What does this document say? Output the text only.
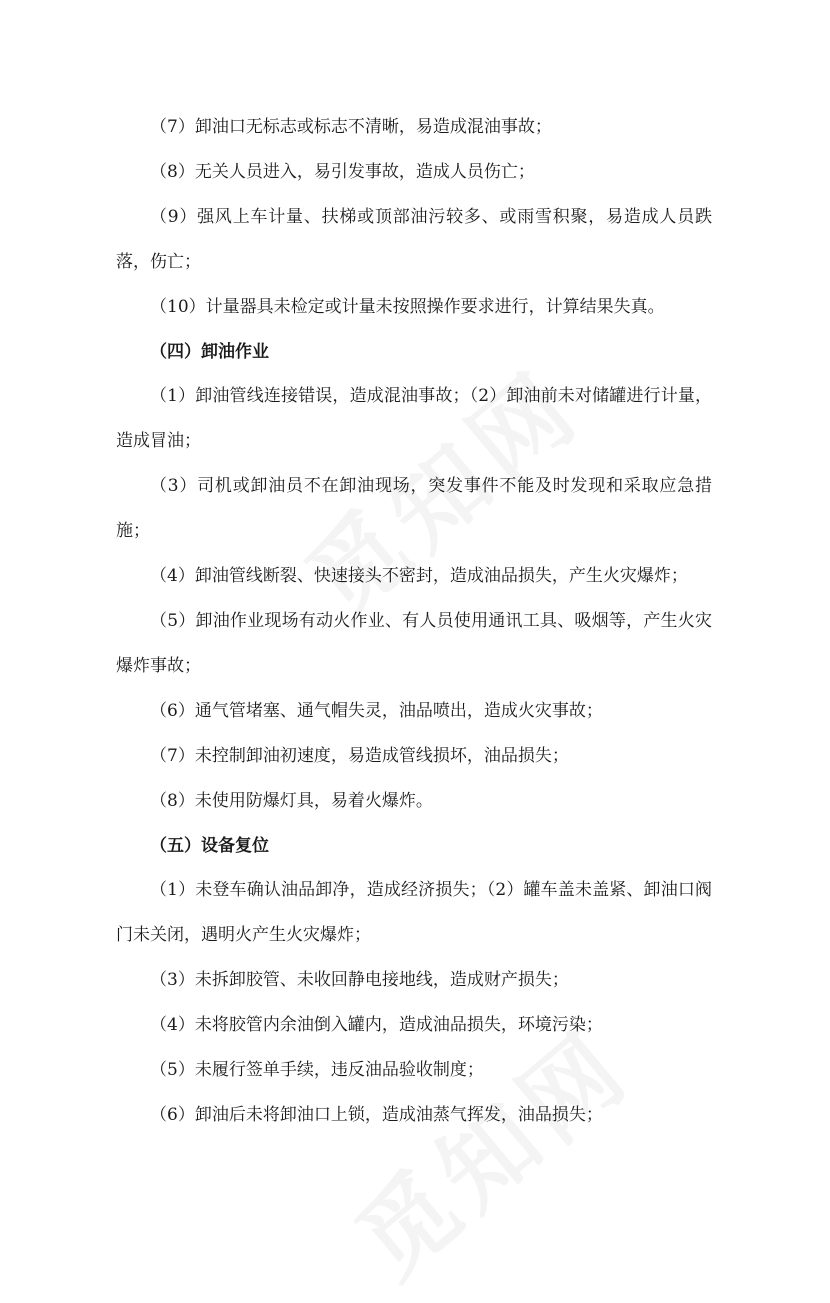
（7）卸油口无标志或标志不清晰，易造成混油事故；

（8）无关人员进入，易引发事故，造成人员伤亡；

（9）强风上车计量、扶梯或顶部油污较多、或雨雪积聚，易造成人员跌落，伤亡；

（10）计量器具未检定或计量未按照操作要求进行，计算结果失真。

（四）卸油作业

（1）卸油管线连接错误，造成混油事故；（2）卸油前未对储罐进行计量，造成冒油；

（3）司机或卸油员不在卸油现场，突发事件不能及时发现和采取应急措施；

（4）卸油管线断裂、快速接头不密封，造成油品损失，产生火灾爆炸；

（5）卸油作业现场有动火作业、有人员使用通讯工具、吸烟等，产生火灾爆炸事故；

（6）通气管堵塞、通气帽失灵，油品喷出，造成火灾事故；

（7）未控制卸油初速度，易造成管线损坏，油品损失；

（8）未使用防爆灯具，易着火爆炸。

（五）设备复位

（1）未登车确认油品卸净，造成经济损失；（2）罐车盖未盖紧、卸油口阀门未关闭，遇明火产生火灾爆炸；

（3）未拆卸胶管、未收回静电接地线，造成财产损失；

（4）未将胶管内余油倒入罐内，造成油品损失，环境污染；

（5）未履行签单手续，违反油品验收制度；

（6）卸油后未将卸油口上锁，造成油蒸气挥发，油品损失；
